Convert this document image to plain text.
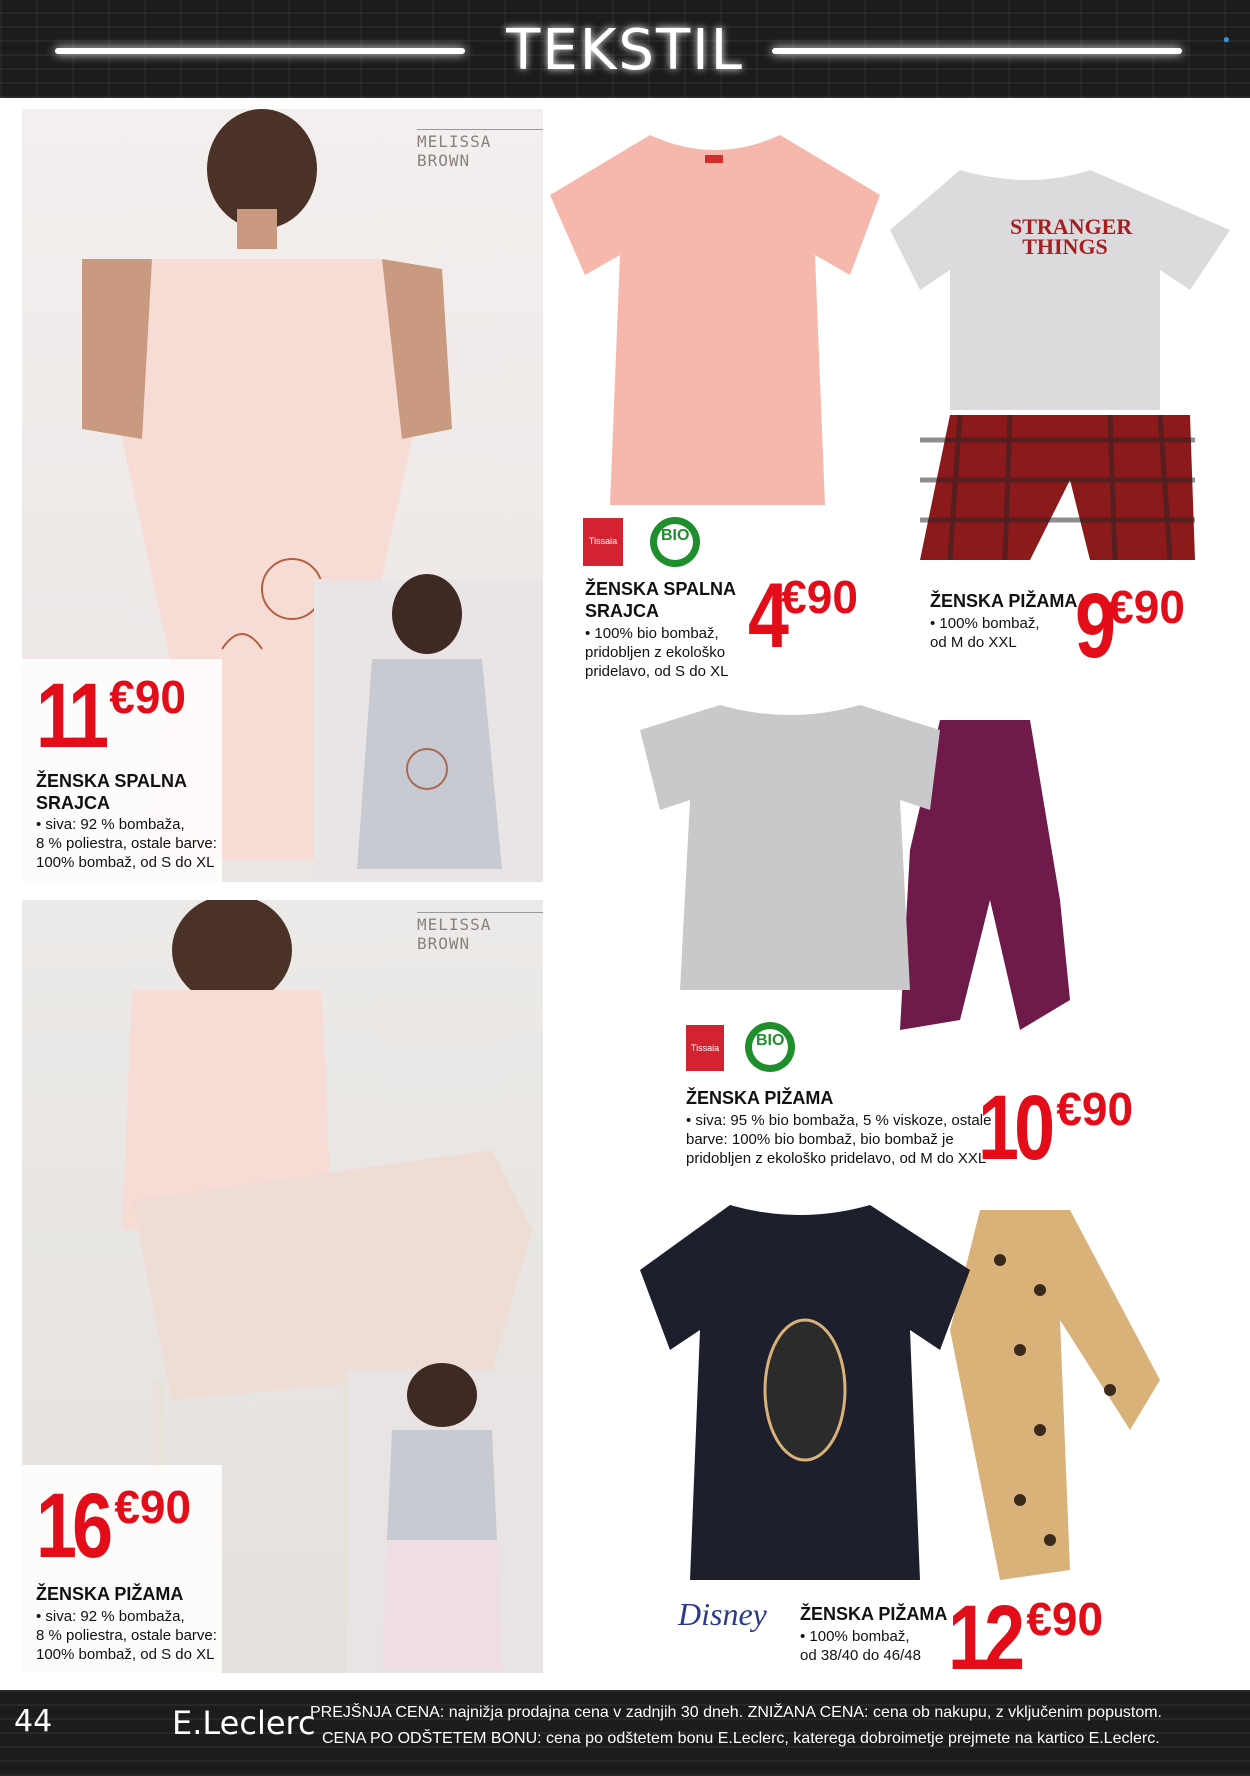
TEKSTIL	●
MELISSA BROWN
11 €90
ŽENSKA SPALNA
SRAJCA
• siva: 92 % bombaža,
8 % poliestra, ostale barve:
100% bombaž, od S do XL
Tissaia	BIO
ŽENSKA SPALNA
SRAJCA
• 100% bio bombaž,
pridobljen z ekološko
pridelavo, od S do XL
4€90
STRANGER THINGS
ŽENSKA PIŽAMA
• 100% bombaž,
od M do XXL 9€90
Tissaia	BIO
ŽENSKA PIŽAMA
• siva: 95 % bio bombaža, 5 % viskoze, ostale
barve: 100% bio bombaž, bio bombaž je
pridobljen z ekološko pridelavo, od M do XXL
10 €90
MELISSA BROWN
16 €90
ŽENSKA PIŽAMA
• siva: 92 % bombaža,
8 % poliestra, ostale barve:
100% bombaž, od S do XL
Disney	ŽENSKA PIŽAMA
• 100% bombaž,
od 38/40 do 46/48 12 €90
44	E.Leclerc
PREJŠNJA CENA: najnižja prodajna cena v zadnjih 30 dneh. ZNIŽANA CENA: cena ob nakupu, z vključenim popustom.
CENA PO ODŠTETEM BONU: cena po odštetem bonu E.Leclerc, katerega dobroimetje prejmete na kartico E.Leclerc.
